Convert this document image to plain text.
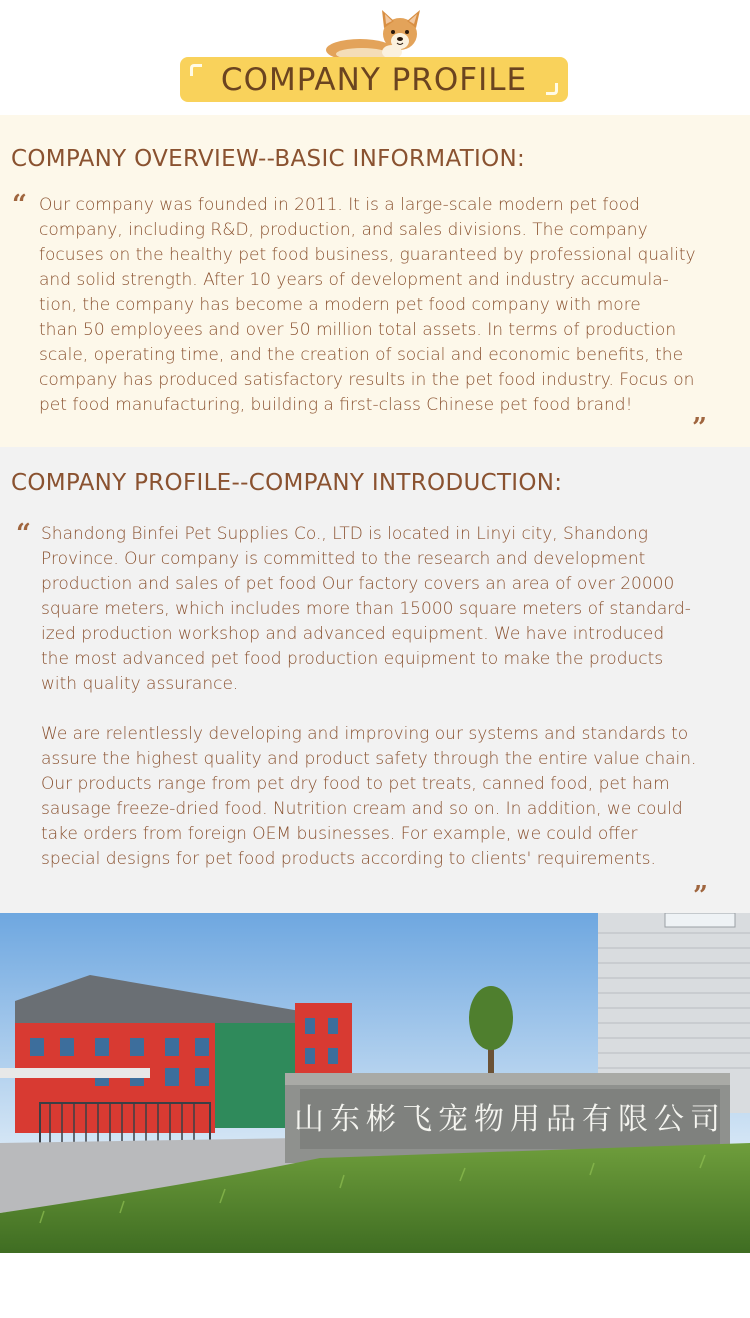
COMPANY PROFILE
COMPANY OVERVIEW--BASIC INFORMATION:
“ Our company was founded in 2011. It is a large-scale modern pet food
company, including R&D, production, and sales divisions. The company
focuses on the healthy pet food business, guaranteed by professional quality
and solid strength. After 10 years of development and industry accumula-
tion, the company has become a modern pet food company with more
than 50 employees and over 50 million total assets. In terms of production
scale, operating time, and the creation of social and economic benefits, the
company has produced satisfactory results in the pet food industry. Focus on
pet food manufacturing, building a first-class Chinese pet food brand!
”
COMPANY PROFILE--COMPANY INTRODUCTION:
“ Shandong Binfei Pet Supplies Co., LTD is located in Linyi city, Shandong
Province. Our company is committed to the research and development
production and sales of pet food Our factory covers an area of over 20000
square meters, which includes more than 15000 square meters of standard-
ized production workshop and advanced equipment. We have introduced
the most advanced pet food production equipment to make the products
with quality assurance.
We are relentlessly developing and improving our systems and standards to
assure the highest quality and product safety through the entire value chain.
Our products range from pet dry food to pet treats, canned food, pet ham
sausage freeze-dried food. Nutrition cream and so on. In addition, we could
take orders from foreign OEM businesses. For example, we could offer
special designs for pet food products according to clients' requirements.
”
山东彬飞宠物用品有限公司
